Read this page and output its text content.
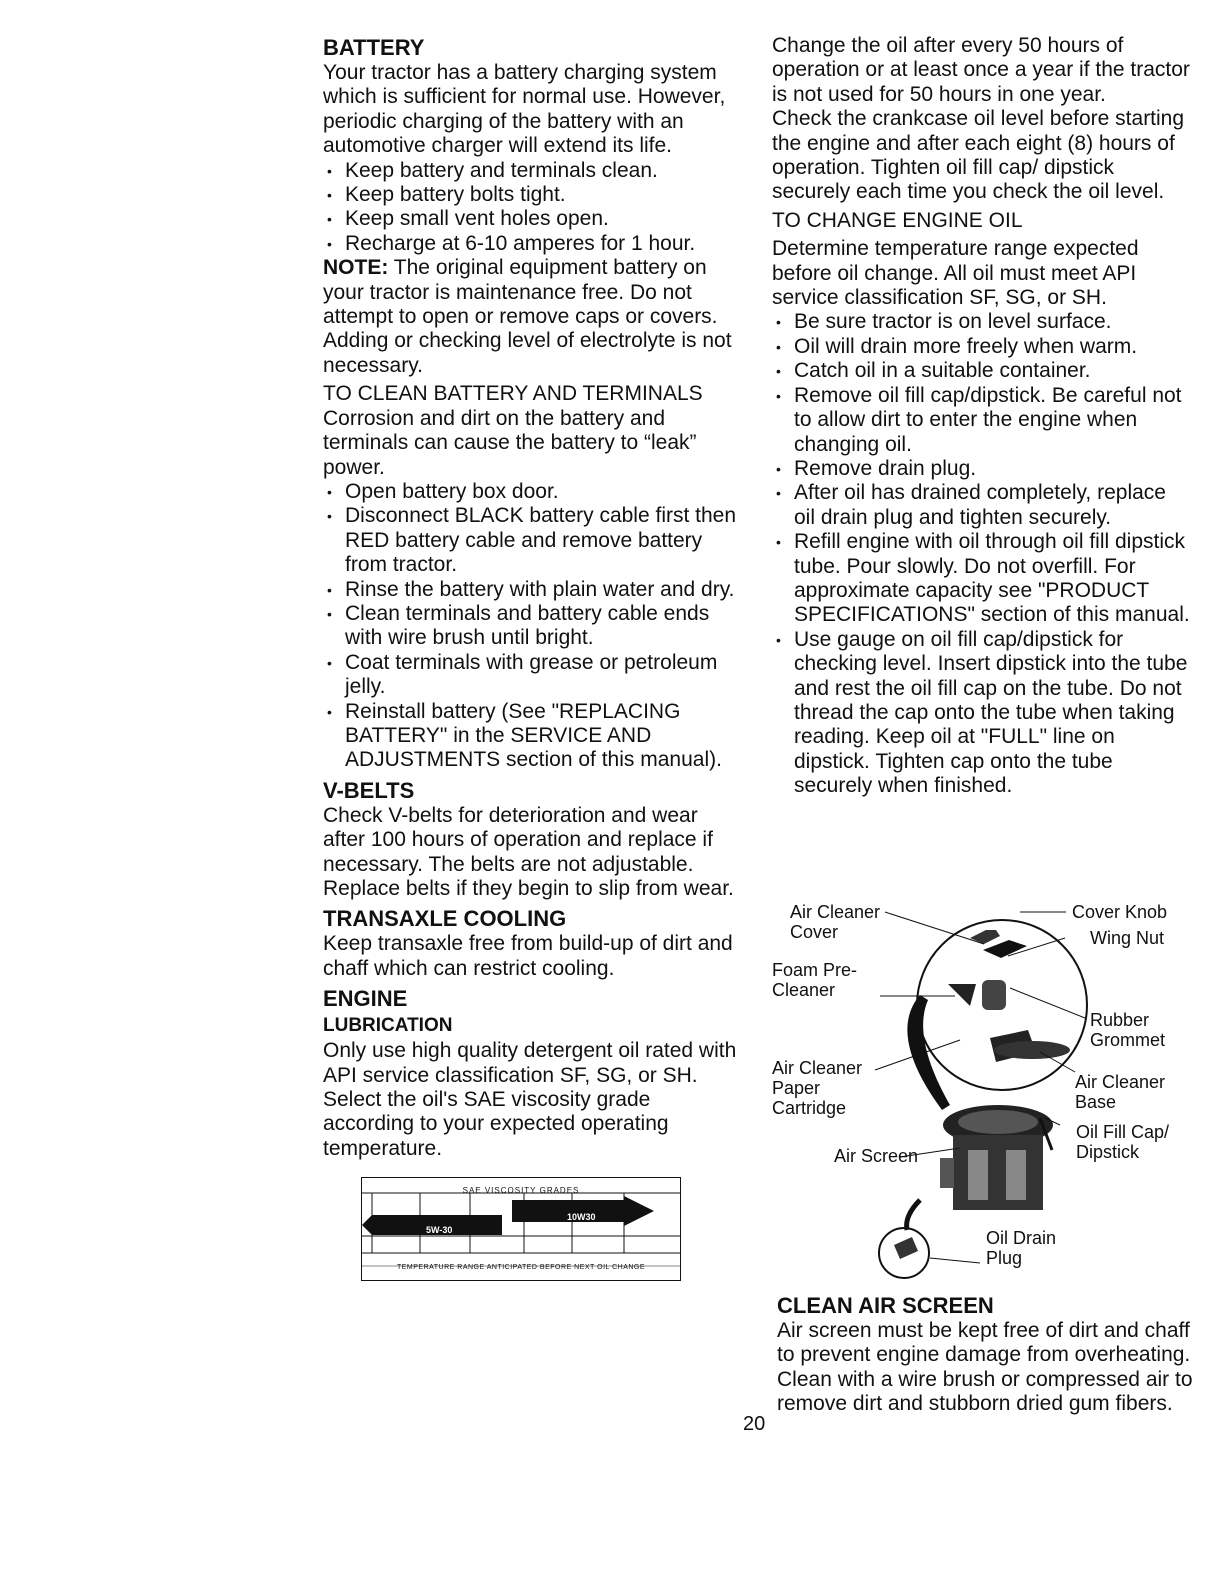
BATTERY

Your tractor has a battery charging system which is sufficient for normal use. However, periodic charging of the battery with an automotive charger will extend its life.

• Keep battery and terminals clean.

• Keep battery bolts tight.

• Keep small vent holes open.

• Recharge at 6-10 amperes for 1 hour.

NOTE: The original equipment battery on your tractor is maintenance free. Do not attempt to open or remove caps or covers. Adding or checking level of electrolyte is not necessary.

TO CLEAN BATTERY AND TERMINALS

Corrosion and dirt on the battery and terminals can cause the battery to “leak” power.

• Open battery box door.

• Disconnect BLACK battery cable first then RED battery cable and remove battery from tractor.

• Rinse the battery with plain water and dry.

• Clean terminals and battery cable ends with wire brush until bright.

• Coat terminals with grease or petroleum jelly.

• Reinstall battery (See "REPLACING BATTERY" in the SERVICE AND ADJUSTMENTS section of this manual).

V-BELTS

Check V-belts for deterioration and wear after 100 hours of operation and replace if necessary. The belts are not adjustable. Replace belts if they begin to slip from wear.

TRANSAXLE COOLING

Keep transaxle free from build-up of dirt and chaff which can restrict cooling.

ENGINE

LUBRICATION

Only use high quality detergent oil rated with API service classification SF, SG, or SH. Select the oil's SAE viscosity grade according to your expected operating temperature.

SAE VISCOSITY GRADES
5W-30
10W30
TEMPERATURE RANGE ANTICIPATED BEFORE NEXT OIL CHANGE

Change the oil after every 50 hours of operation or at least once a year if the tractor is not used for 50 hours in one year.

Check the crankcase oil level before starting the engine and after each eight (8) hours of operation. Tighten oil fill cap/ dipstick securely each time you check the oil level.

TO CHANGE ENGINE OIL

Determine temperature range expected before oil change. All oil must meet API service classification SF, SG, or SH.

• Be sure tractor is on level surface.

• Oil will drain more freely when warm.

• Catch oil in a suitable container.

• Remove oil fill cap/dipstick. Be careful not to allow dirt to enter the engine when changing oil.

• Remove drain plug.

• After oil has drained completely, replace oil drain plug and tighten securely.

• Refill engine with oil through oil fill dipstick tube. Pour slowly. Do not overfill. For approximate capacity see "PRODUCT SPECIFICATIONS" section of this manual.

• Use gauge on oil fill cap/dipstick for checking level. Insert dipstick into the tube and rest the oil fill cap on the tube. Do not thread the cap onto the tube when taking reading. Keep oil at "FULL" line on dipstick. Tighten cap onto the tube securely when finished.

Air Cleaner Cover
Cover Knob
Wing Nut
Foam Pre-Cleaner
Rubber Grommet
Air Cleaner Paper Cartridge
Air Cleaner Base
Oil Fill Cap/ Dipstick
Air Screen
Oil Drain Plug

CLEAN AIR SCREEN

Air screen must be kept free of dirt and chaff to prevent engine damage from overheating. Clean with a wire brush or compressed air to remove dirt and stubborn dried gum fibers.

20
